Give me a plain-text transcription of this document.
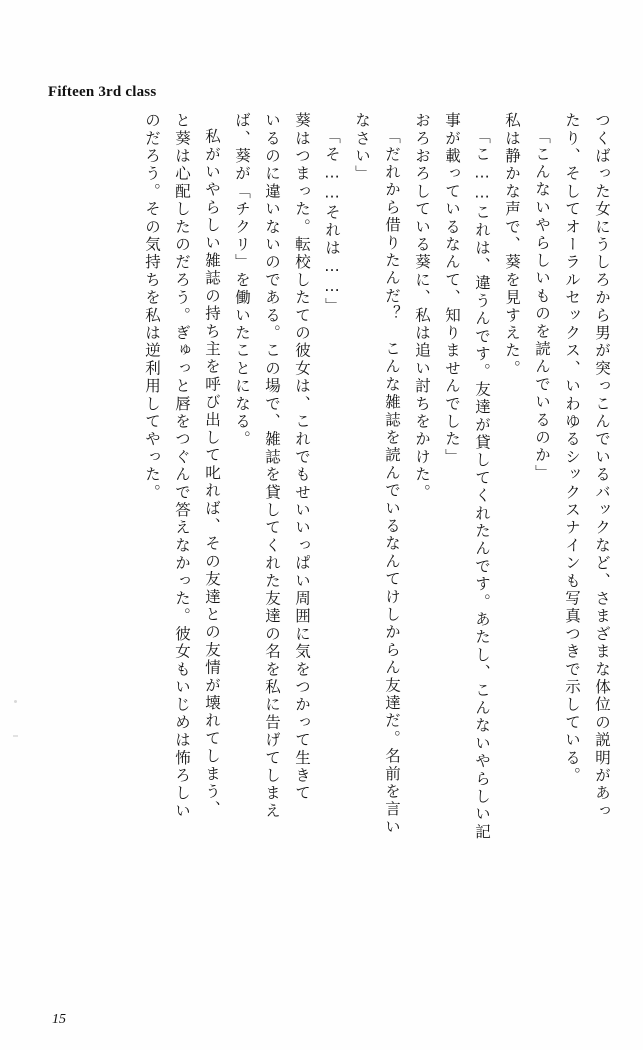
Fifteen 3rd class
つくばった女にうしろから男が突っこんでいるバックなど、さまざまな体位の説明があっ
たり、そしてオーラルセックス、いわゆるシックスナインも写真つきで示している。
「こんないやらしいものを読んでいるのか」
私は静かな声で、葵を見すえた。
「こ……これは、違うんです。友達が貸してくれたんです。あたし、こんないやらしい記
事が載っているなんて、知りませんでした」
おろおろしている葵に、私は追い討ちをかけた。
「だれから借りたんだ？　こんな雑誌を読んでいるなんてけしからん友達だ。名前を言い
なさい」
「そ……それは……」
葵はつまった。転校したての彼女は、これでもせいいっぱい周囲に気をつかって生きて
いるのに違いないのである。この場で、雑誌を貸してくれた友達の名を私に告げてしまえ
ば、葵が「チクリ」を働いたことになる。
私がいやらしい雑誌の持ち主を呼び出して叱れば、その友達との友情が壊れてしまう、
と葵は心配したのだろう。ぎゅっと唇をつぐんで答えなかった。彼女もいじめは怖ろしい
のだろう。その気持ちを私は逆利用してやった。
15
